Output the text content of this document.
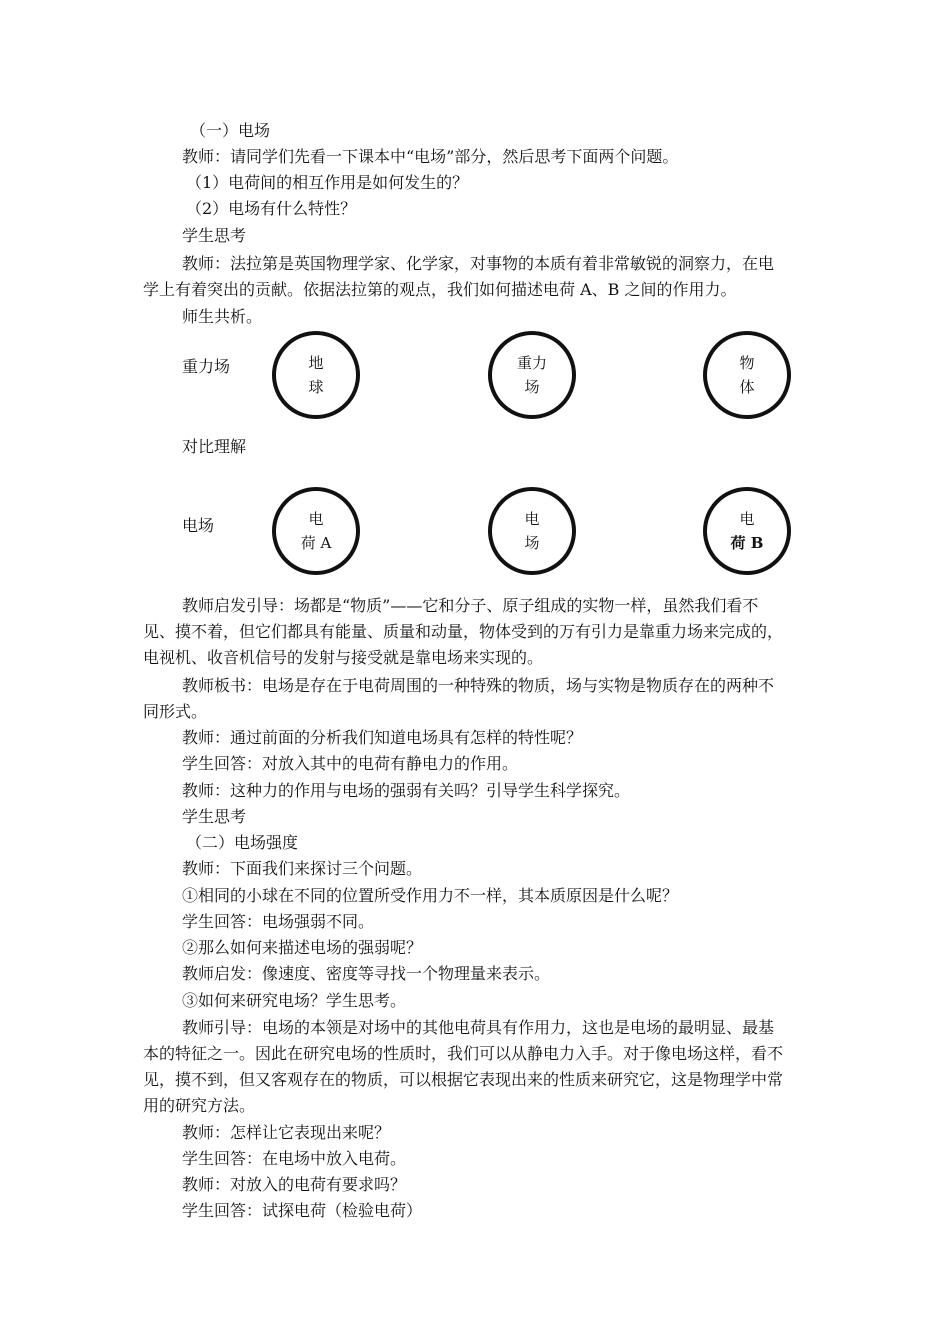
（一）电场
教师：请同学们先看一下课本中“电场”部分，然后思考下面两个问题。
（1）电荷间的相互作用是如何发生的？
（2）电场有什么特性？
学生思考
教师：法拉第是英国物理学家、化学家，对事物的本质有着非常敏锐的洞察力，在电
学上有着突出的贡献。依据法拉第的观点，我们如何描述电荷 A、B 之间的作用力。
师生共析。
重力场	地
球
重力
场
物
体
对比理解
电场	电
荷 A
电
场
电
荷 B
教师启发引导：场都是“物质”——它和分子、原子组成的实物一样，虽然我们看不
见、摸不着，但它们都具有能量、质量和动量，物体受到的万有引力是靠重力场来完成的，
电视机、收音机信号的发射与接受就是靠电场来实现的。
教师板书：电场是存在于电荷周围的一种特殊的物质，场与实物是物质存在的两种不
同形式。
教师：通过前面的分析我们知道电场具有怎样的特性呢？
学生回答：对放入其中的电荷有静电力的作用。
教师：这种力的作用与电场的强弱有关吗？引导学生科学探究。
学生思考
（二）电场强度
教师：下面我们来探讨三个问题。
①相同的小球在不同的位置所受作用力不一样，其本质原因是什么呢？
学生回答：电场强弱不同。
②那么如何来描述电场的强弱呢？
教师启发：像速度、密度等寻找一个物理量来表示。
③如何来研究电场？学生思考。
教师引导：电场的本领是对场中的其他电荷具有作用力，这也是电场的最明显、最基
本的特征之一。因此在研究电场的性质时，我们可以从静电力入手。对于像电场这样，看不
见，摸不到，但又客观存在的物质，可以根据它表现出来的性质来研究它，这是物理学中常
用的研究方法。
教师：怎样让它表现出来呢？
学生回答：在电场中放入电荷。
教师：对放入的电荷有要求吗？
学生回答：试探电荷（检验电荷）
